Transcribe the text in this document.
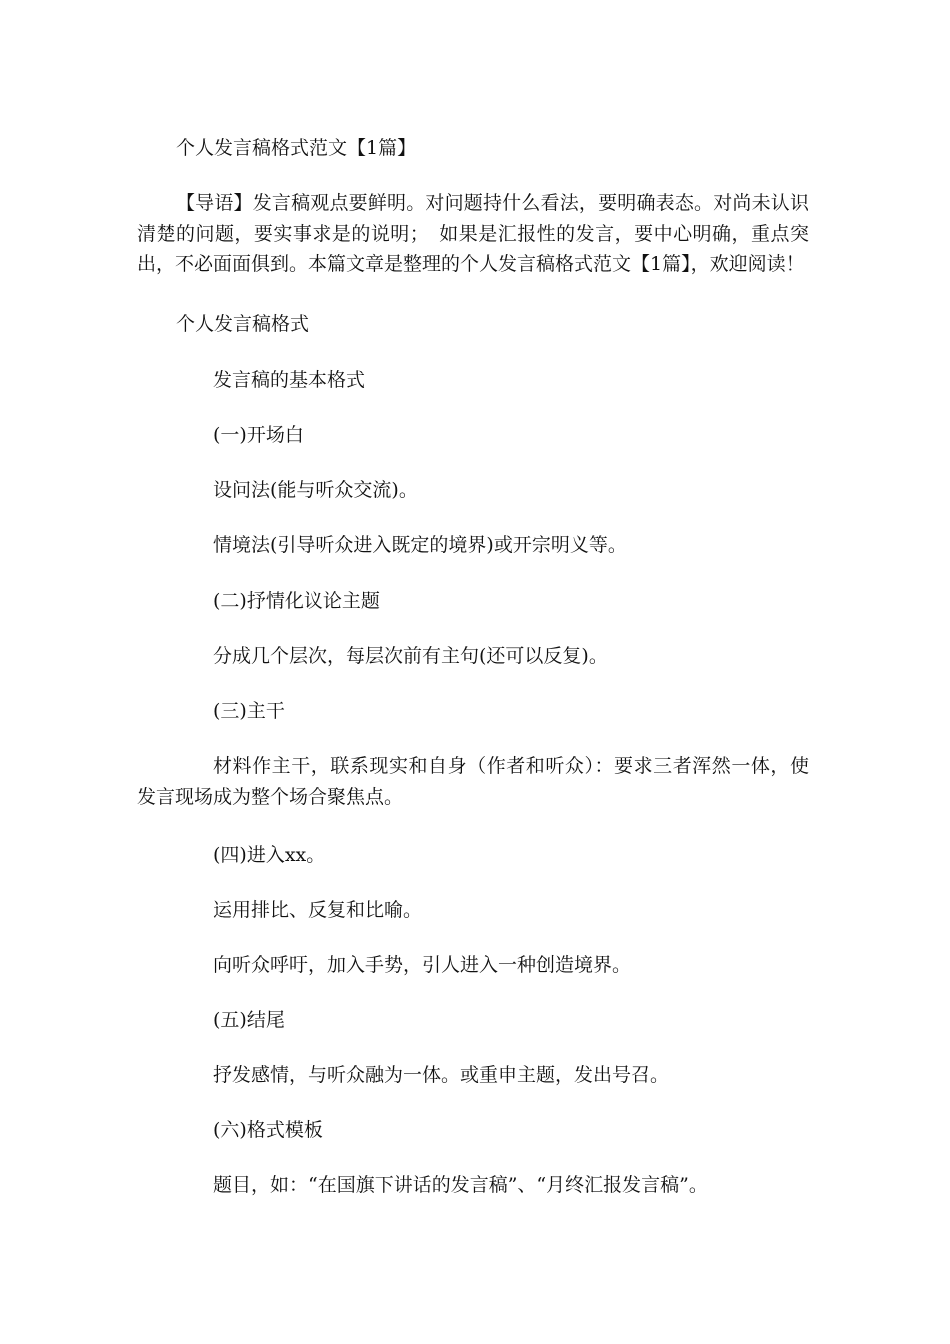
个人发言稿格式范文【1篇】
【导语】发言稿观点要鲜明。对问题持什么看法，要明确表态。对尚未认识清楚的问题，要实事求是的说明；　如果是汇报性的发言，要中心明确，重点突出，不必面面俱到。本篇文章是整理的个人发言稿格式范文【1篇】，欢迎阅读！
个人发言稿格式
发言稿的基本格式
(一)开场白
设问法(能与听众交流)。
情境法(引导听众进入既定的境界)或开宗明义等。
(二)抒情化议论主题
分成几个层次，每层次前有主句(还可以反复)。
(三)主干
材料作主干，联系现实和自身（作者和听众）：要求三者浑然一体，使发言现场成为整个场合聚焦点。
(四)进入xx。
运用排比、反复和比喻。
向听众呼吁，加入手势，引人进入一种创造境界。
(五)结尾
抒发感情，与听众融为一体。或重申主题，发出号召。
(六)格式模板
题目，如：“在国旗下讲话的发言稿”、“月终汇报发言稿”。
